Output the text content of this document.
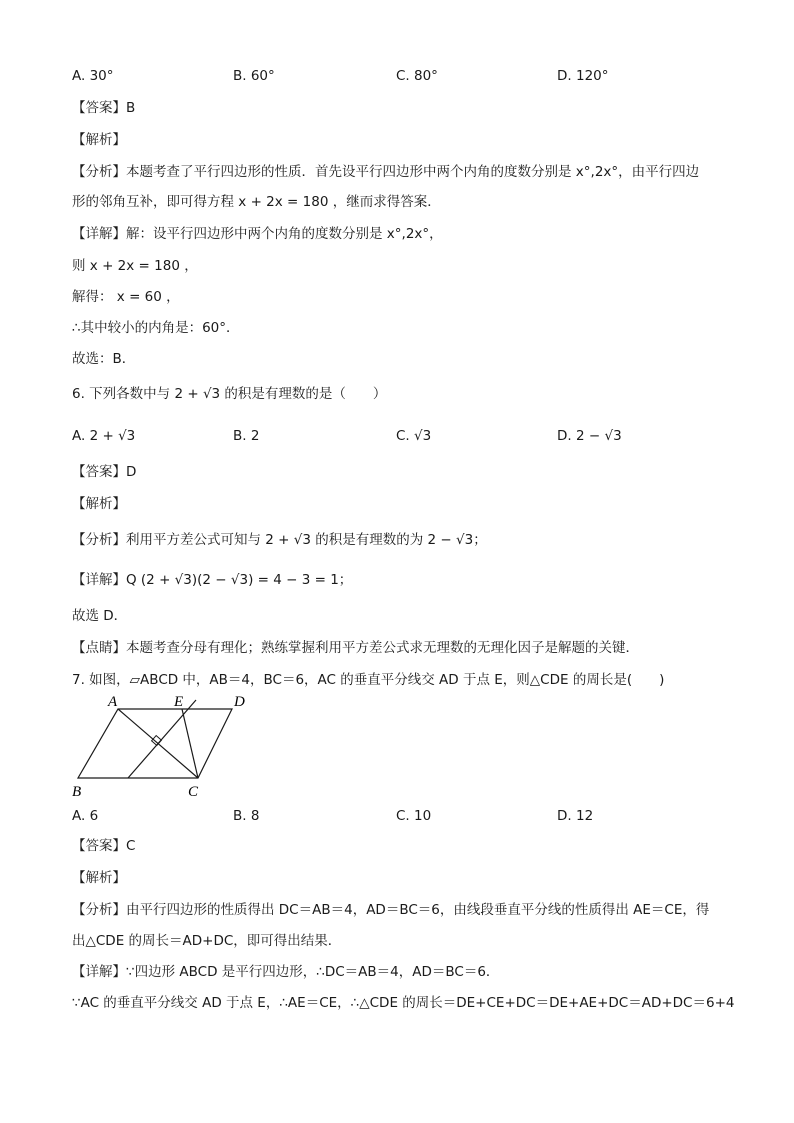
A. 30°	B. 60°	C. 80°	D. 120°
【答案】B
【解析】
【分析】本题考查了平行四边形的性质．首先设平行四边形中两个内角的度数分别是 x°,2x°，由平行四边
形的邻角互补，即可得方程 x + 2x = 180 ，继而求得答案．
【详解】解：设平行四边形中两个内角的度数分别是 x°,2x°，
则 x + 2x = 180 ，
解得： x = 60 ，
∴其中较小的内角是：60°．
故选：B．
6. 下列各数中与 2 + √3 的积是有理数的是（　　）
A. 2 + √3	B. 2	C. √3	D. 2 − √3
【答案】D
【解析】
【分析】利用平方差公式可知与 2 + √3 的积是有理数的为 2 − √3；
【详解】Q (2 + √3)(2 − √3) = 4 − 3 = 1；
故选 D．
【点睛】本题考查分母有理化；熟练掌握利用平方差公式求无理数的无理化因子是解题的关键．
7. 如图，▱ABCD 中，AB＝4，BC＝6，AC 的垂直平分线交 AD 于点 E，则△CDE 的周长是(　　)
A	E	D
B	C
A. 6	B. 8	C. 10	D. 12
【答案】C
【解析】
【分析】由平行四边形的性质得出 DC＝AB＝4，AD＝BC＝6，由线段垂直平分线的性质得出 AE＝CE，得
出△CDE 的周长＝AD+DC，即可得出结果．
【详解】∵四边形 ABCD 是平行四边形，∴DC＝AB＝4，AD＝BC＝6．
∵AC 的垂直平分线交 AD 于点 E，∴AE＝CE，∴△CDE 的周长＝DE+CE+DC＝DE+AE+DC＝AD+DC＝6+4
